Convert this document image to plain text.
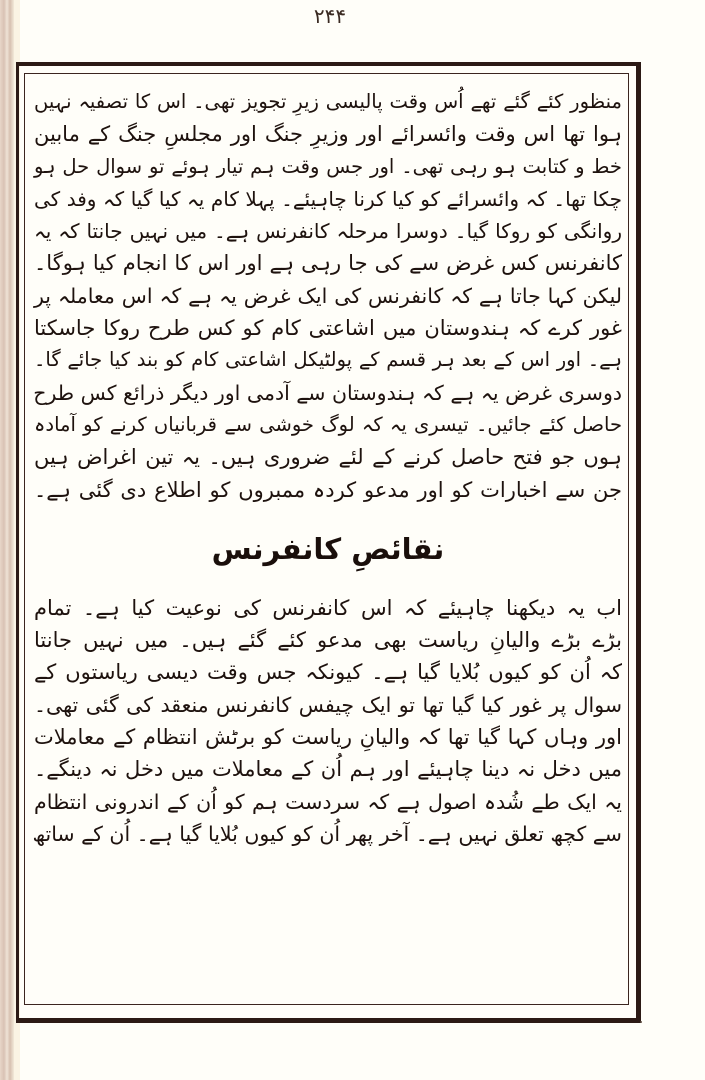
۲۴۴
منظور کئے گئے تھے اُس وقت پالیسی زیرِ تجویز تھی۔ اس کا تصفیہ نہیں
ہوا تھا اس وقت وائسرائے اور وزیرِ جنگ اور مجلسِ جنگ کے مابین
خط و کتابت ہو رہی تھی۔ اور جس وقت ہم تیار ہوئے تو سوال حل ہو
چکا تھا۔ کہ وائسرائے کو کیا کرنا چاہیئے۔ پہلا کام یہ کیا گیا کہ وفد کی
روانگی کو روکا گیا۔ دوسرا مرحلہ کانفرنس ہے۔ میں نہیں جانتا کہ یہ
کانفرنس کس غرض سے کی جا رہی ہے اور اس کا انجام کیا ہوگا۔
لیکن کہا جاتا ہے کہ کانفرنس کی ایک غرض یہ ہے کہ اس معاملہ پر
غور کرے کہ ہندوستان میں اشاعتی کام کو کس طرح روکا جاسکتا
ہے۔ اور اس کے بعد ہر قسم کے پولٹیکل اشاعتی کام کو بند کیا جائے گا۔
دوسری غرض یہ ہے کہ ہندوستان سے آدمی اور دیگر ذرائع کس طرح
حاصل کئے جائیں۔ تیسری یہ کہ لوگ خوشی سے قربانیاں کرنے کو آمادہ
ہوں جو فتح حاصل کرنے کے لئے ضروری ہیں۔ یہ تین اغراض ہیں
جن سے اخبارات کو اور مدعو کردہ ممبروں کو اطلاع دی گئی ہے۔
نقائصِ کانفرنس
اب یہ دیکھنا چاہیئے کہ اس کانفرنس کی نوعیت کیا ہے۔ تمام
بڑے بڑے والیانِ ریاست بھی مدعو کئے گئے ہیں۔ میں نہیں جانتا
کہ اُن کو کیوں بُلایا گیا ہے۔ کیونکہ جس وقت دیسی ریاستوں کے
سوال پر غور کیا گیا تھا تو ایک چیفس کانفرنس منعقد کی گئی تھی۔
اور وہاں کہا گیا تھا کہ والیانِ ریاست کو برٹش انتظام کے معاملات
میں دخل نہ دینا چاہیئے اور ہم اُن کے معاملات میں دخل نہ دینگے۔
یہ ایک طے شُدہ اصول ہے کہ سردست ہم کو اُن کے اندرونی انتظام
سے کچھ تعلق نہیں ہے۔ آخر پھر اُن کو کیوں بُلایا گیا ہے۔ اُن کے ساتھ
